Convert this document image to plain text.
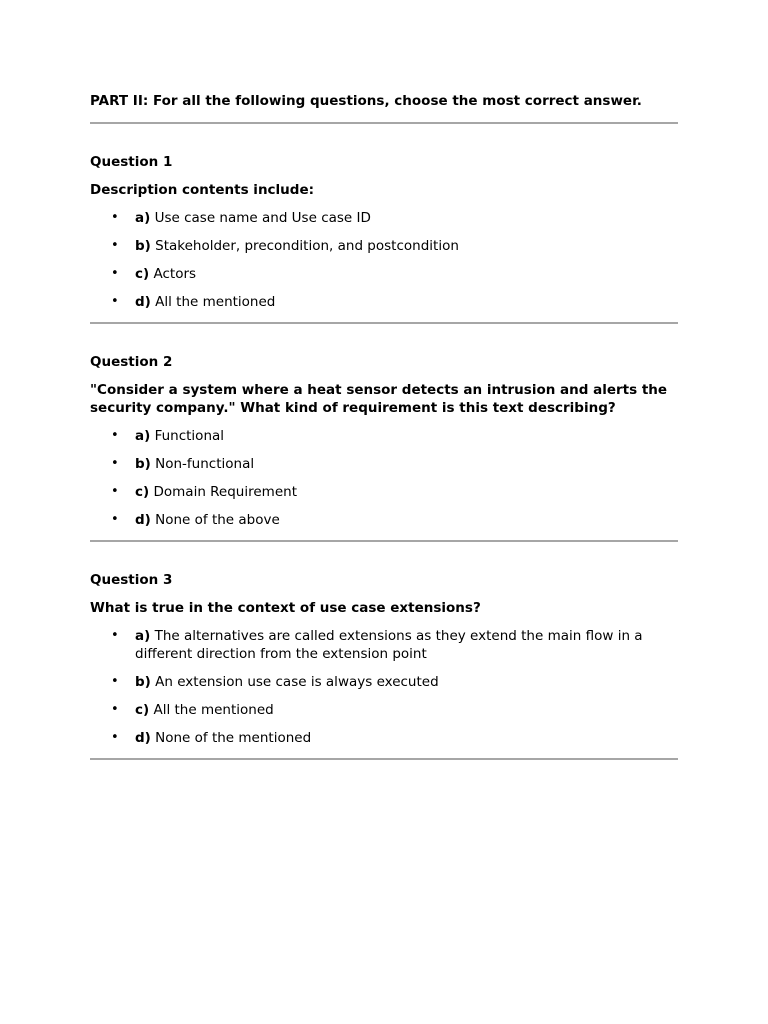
PART II: For all the following questions, choose the most correct answer.

Question 1

Description contents include:

• a) Use case name and Use case ID
• b) Stakeholder, precondition, and postcondition
• c) Actors
• d) All the mentioned

Question 2

"Consider a system where a heat sensor detects an intrusion and alerts the security company." What kind of requirement is this text describing?

• a) Functional
• b) Non-functional
• c) Domain Requirement
• d) None of the above

Question 3

What is true in the context of use case extensions?

• a) The alternatives are called extensions as they extend the main flow in a different direction from the extension point
• b) An extension use case is always executed
• c) All the mentioned
• d) None of the mentioned
